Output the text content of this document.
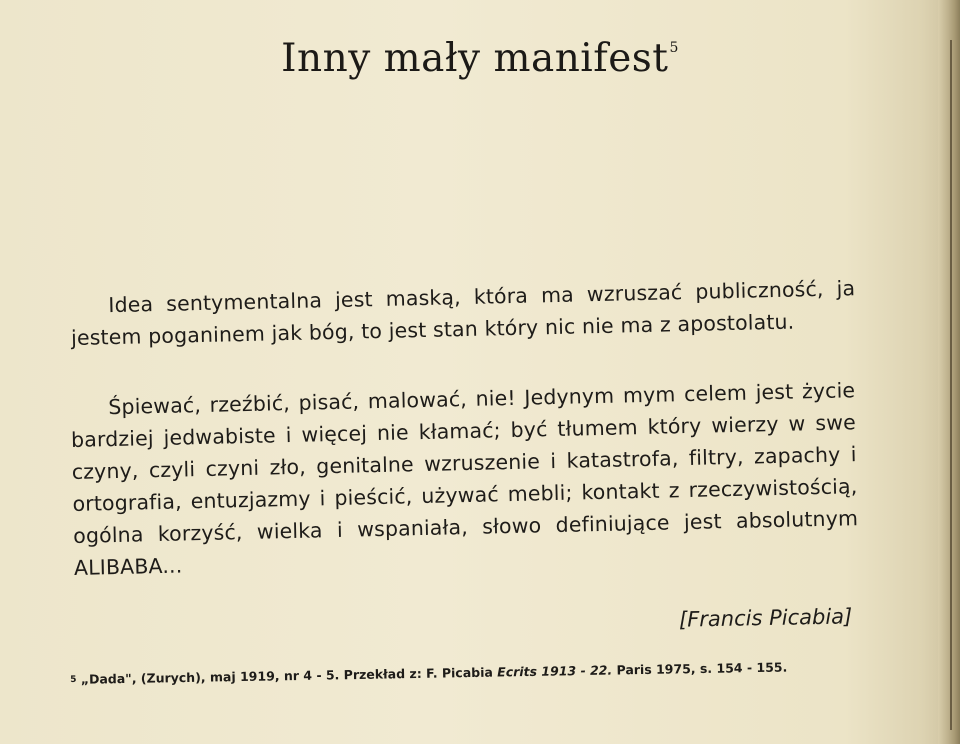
Inny mały manifest$^5$

Idea sentymentalna jest maską, która ma wzruszać publiczność, ja jestem poganinem jak bóg, to jest stan który nic nie ma z apostolatu.

Śpiewać, rzeźbić, pisać, malować, nie! Jedynym mym celem jest życie bardziej jedwabiste i więcej nie kłamać; być tłumem który wierzy w swe czyny, czyli czyni zło, genitalne wzruszenie i katastrofa, filtry, zapachy i ortografia, entuzjazmy i pieścić, używać mebli; kontakt z rzeczywistością, ogólna korzyść, wielka i wspaniała, słowo definiujące jest absolutnym ALIBABA...

[Francis Picabia]
$^5$ „Dada", (Zurych), maj 1919, nr 4 - 5. Przekład z: F. Picabia Ecrits 1913 - 22. Paris 1975, s. 154 - 155.
